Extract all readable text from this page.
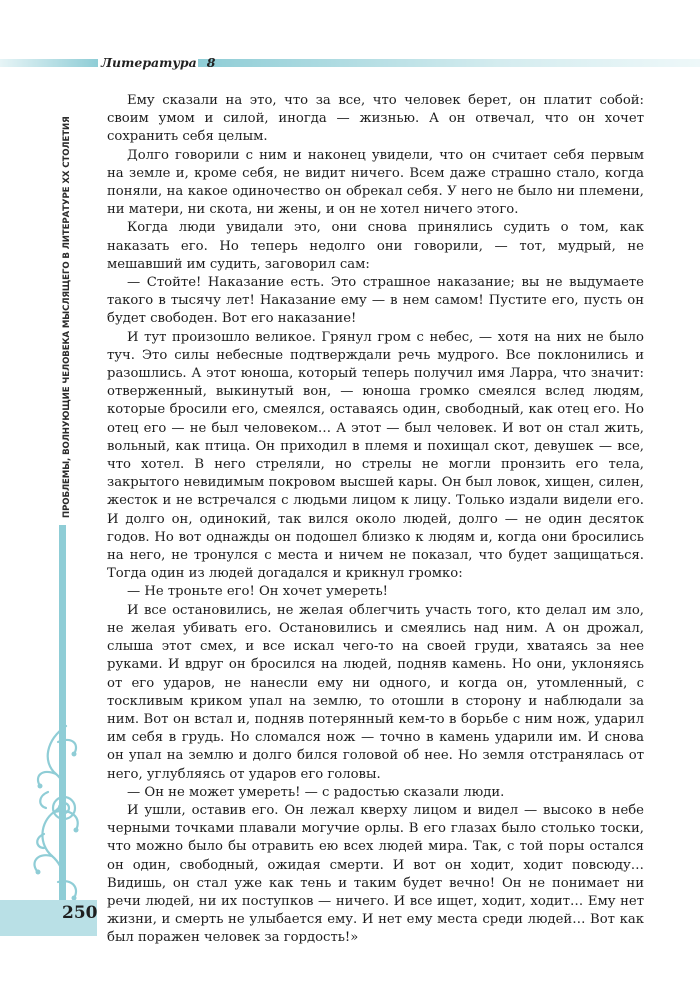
Литература 8
ПРОБЛЕМЫ, ВОЛНУЮЩИЕ ЧЕЛОВЕКА МЫСЛЯЩЕГО В ЛИТЕРАТУРЕ XX СТОЛЕТИЯ
250

Ему сказали на это, что за все, что человек берет, он платит собой: своим умом и силой, иногда — жизнью. А он отвечал, что он хочет сохранить себя целым.

Долго говорили с ним и наконец увидели, что он считает себя первым на земле и, кроме себя, не видит ничего. Всем даже страшно стало, когда поняли, на какое одиночество он обрекал себя. У него не было ни племени, ни матери, ни скота, ни жены, и он не хотел ничего этого.

Когда люди увидали это, они снова принялись судить о том, как наказать его. Но теперь недолго они говорили, — тот, мудрый, не мешавший им судить, заговорил сам:

— Стойте! Наказание есть. Это страшное наказание; вы не выдумаете такого в тысячу лет! Наказание ему — в нем самом! Пустите его, пусть он будет свободен. Вот его наказание!

И тут произошло великое. Грянул гром с небес, — хотя на них не было туч. Это силы небесные подтверждали речь мудрого. Все поклонились и разошлись. А этот юноша, который теперь получил имя Ларра, что значит: отверженный, выкинутый вон, — юноша громко смеялся вслед людям, которые бросили его, смеялся, оставаясь один, свободный, как отец его. Но отец его — не был человеком… А этот — был человек. И вот он стал жить, вольный, как птица. Он приходил в племя и похищал скот, девушек — все, что хотел. В него стреляли, но стрелы не могли пронзить его тела, закрытого невидимым покровом высшей кары. Он был ловок, хищен, силен, жесток и не встречался с людьми лицом к лицу. Только издали видели его. И долго он, одинокий, так вился около людей, долго — не один десяток годов. Но вот однажды он подошел близко к людям и, когда они бросились на него, не тронулся с места и ничем не показал, что будет защищаться. Тогда один из людей догадался и крикнул громко:

— Не троньте его! Он хочет умереть!

И все остановились, не желая облегчить участь того, кто делал им зло, не желая убивать его. Остановились и смеялись над ним. А он дрожал, слыша этот смех, и все искал чего-то на своей груди, хватаясь за нее руками. И вдруг он бросился на людей, подняв камень. Но они, уклоняясь от его ударов, не нанесли ему ни одного, и когда он, утомленный, с тоскливым криком упал на землю, то отошли в сторону и наблюдали за ним. Вот он встал и, подняв потерянный кем-то в борьбе с ним нож, ударил им себя в грудь. Но сломался нож — точно в камень ударили им. И снова он упал на землю и долго бился головой об нее. Но земля отстранялась от него, углубляясь от ударов его головы.

— Он не может умереть! — с радостью сказали люди.

И ушли, оставив его. Он лежал кверху лицом и видел — высоко в небе черными точками плавали могучие орлы. В его глазах было столько тоски, что можно было бы отравить ею всех людей мира. Так, с той поры остался он один, свободный, ожидая смерти. И вот он ходит, ходит повсюду… Видишь, он стал уже как тень и таким будет вечно! Он не понимает ни речи людей, ни их поступков — ничего. И все ищет, ходит, ходит… Ему нет жизни, и смерть не улыбается ему. И нет ему места среди людей… Вот как был поражен человек за гордость!»
